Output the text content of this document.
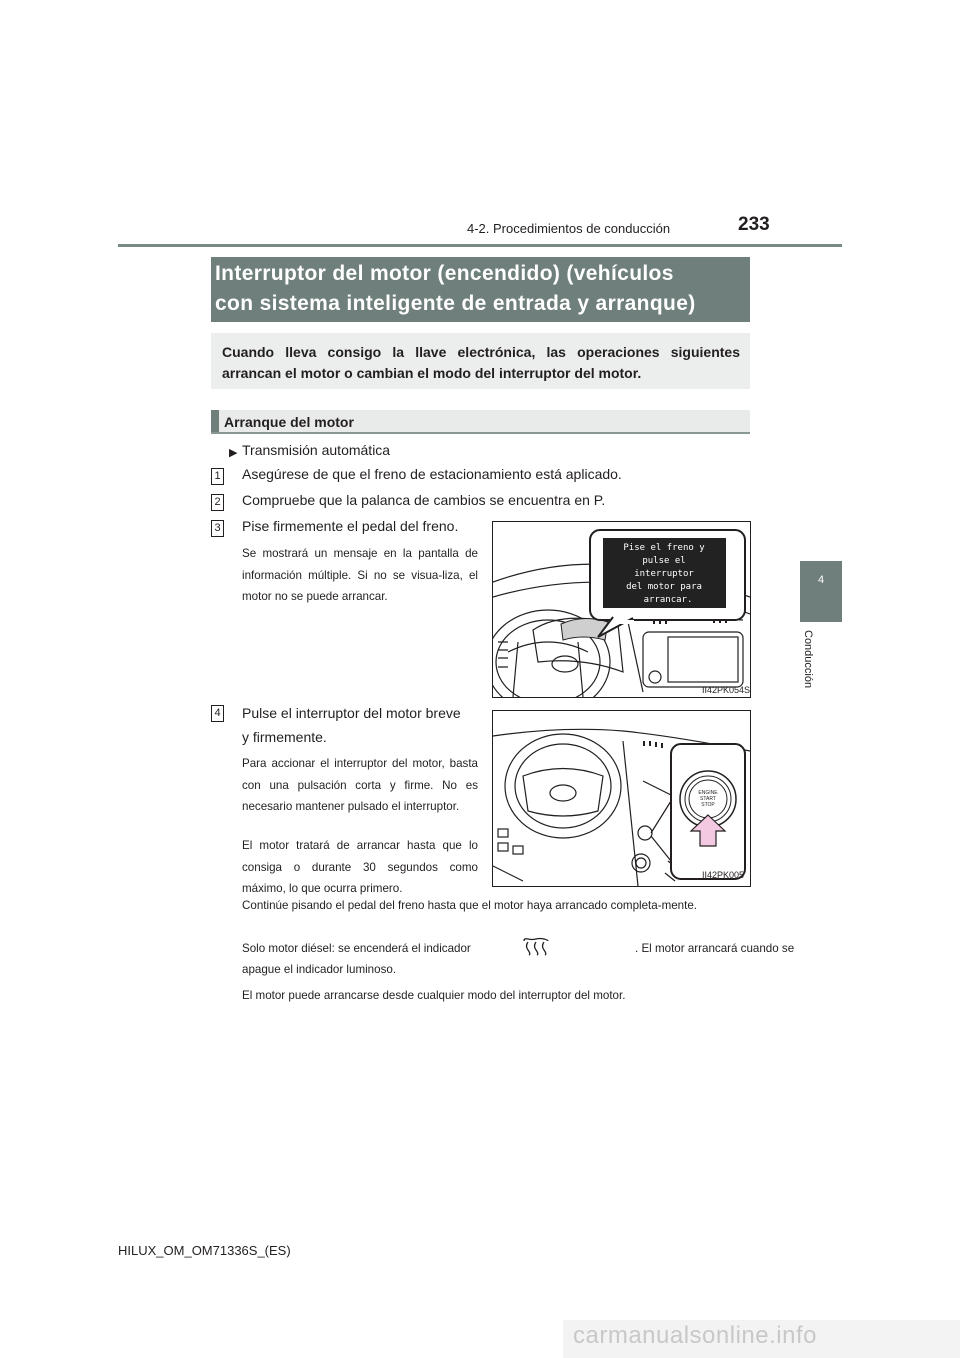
4-2. Procedimientos de conducción	233
4
Conducción
Interruptor del motor (encendido) (vehículos
con sistema inteligente de entrada y arranque)
Cuando lleva consigo la llave electrónica, las operaciones siguientes
arrancan el motor o cambian el modo del interruptor del motor.
Arranque del motor
▶ Transmisión automática
1 Asegúrese de que el freno de estacionamiento está aplicado.
2 Compruebe que la palanca de cambios se encuentra en P.
3 Pise firmemente el pedal del freno.
Se mostrará un mensaje en la pantalla de información múltiple. Si no se visua-liza, el motor no se puede arrancar.
4 Pulse el interruptor del motor breve
y firmemente.
Para accionar el interruptor del motor, basta con una pulsación corta y firme. No es necesario mantener pulsado el interruptor.
El motor tratará de arrancar hasta que lo consiga o durante 30 segundos como máximo, lo que ocurra primero.
Continúe pisando el pedal del freno hasta que el motor haya arrancado completa-mente.
Solo motor diésel: se encenderá el indicador	. El motor arrancará cuando se
apague el indicador luminoso.
El motor puede arrancarse desde cualquier modo del interruptor del motor.
Pise el freno y
pulse el
interruptor
del motor para
arrancar.
II42PK054S
ENGINE
START
STOP
II42PK005
HILUX_OM_OM71336S_(ES)
carmanualsonline.info
